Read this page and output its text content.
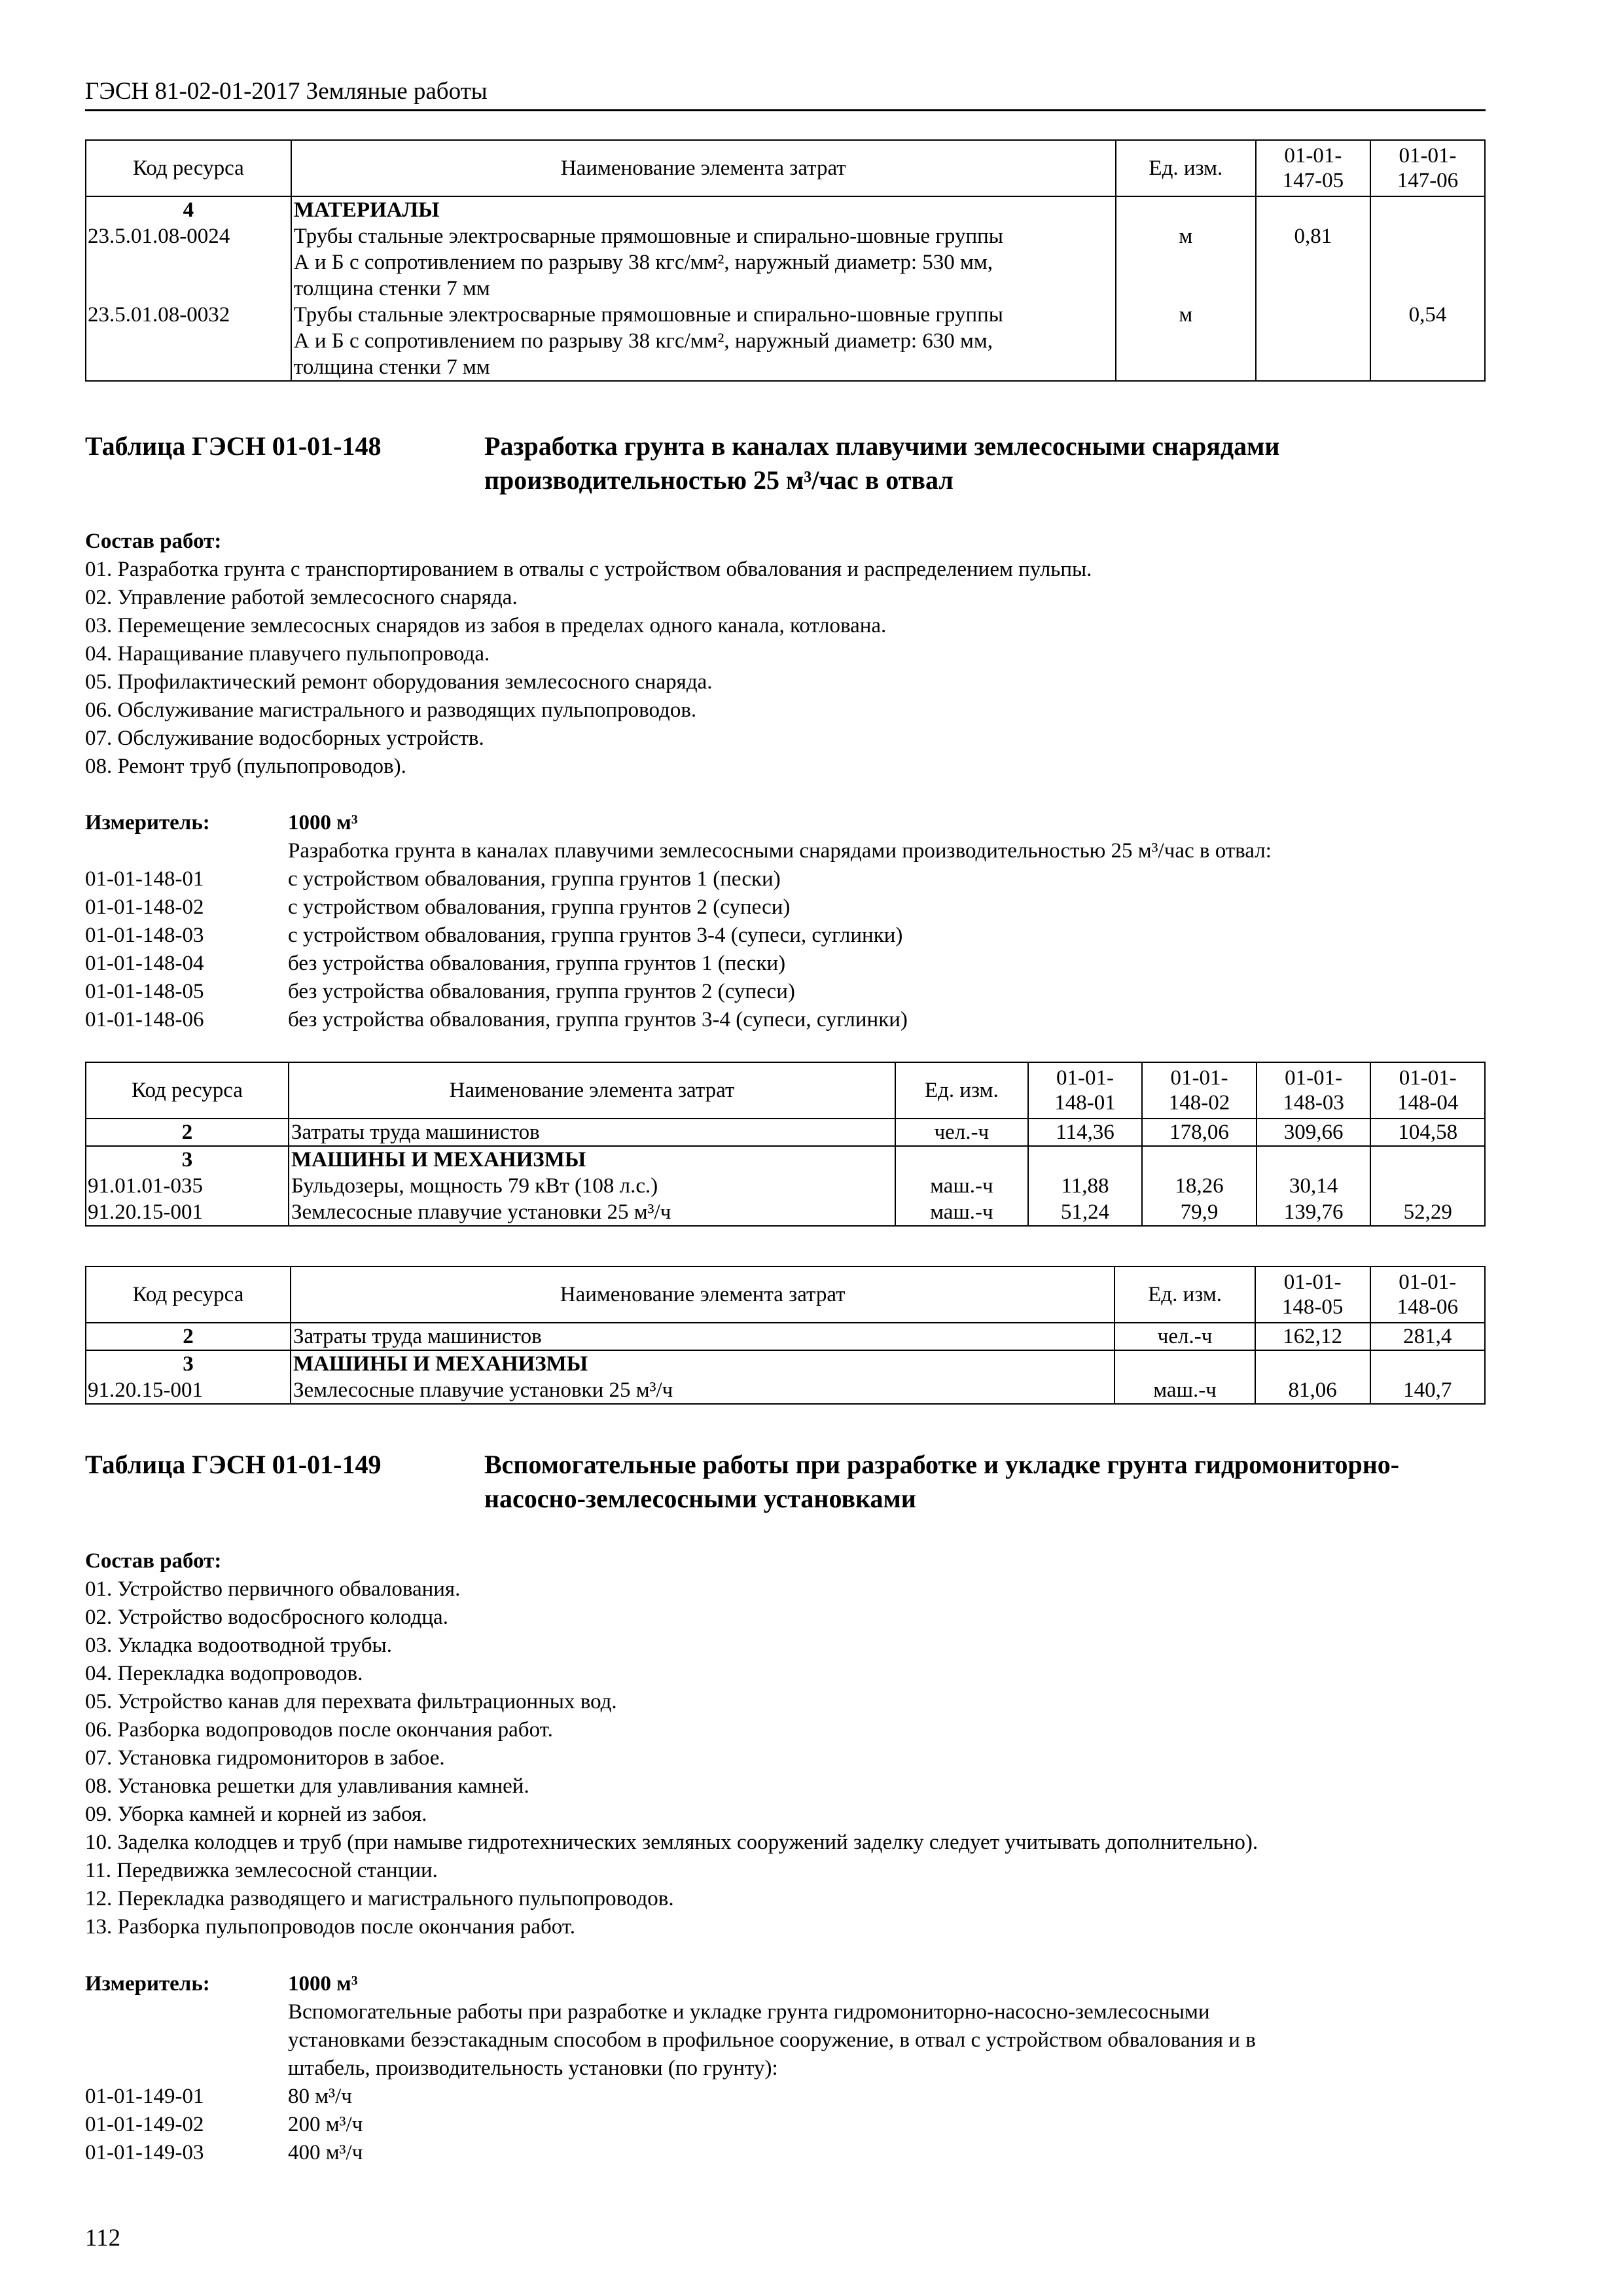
ГЭСН 81-02-01-2017 Земляные работы
Код ресурса	Наименование элемента затрат	Ед. изм.	01-01-
147-05	01-01-
147-06
4	МАТЕРИАЛЫ			
23.5.01.08-0024	Трубы стальные электросварные прямошовные и спирально-шовные группы	м	0,81	
	А и Б с сопротивлением по разрыву 38 кгс/мм², наружный диаметр: 530 мм,			
	толщина стенки 7 мм			
23.5.01.08-0032	Трубы стальные электросварные прямошовные и спирально-шовные группы	м		0,54
	А и Б с сопротивлением по разрыву 38 кгс/мм², наружный диаметр: 630 мм,			
	толщина стенки 7 мм			
Таблица ГЭСН 01-01-148	Разработка грунта в каналах плавучими землесосными снарядами производительностью 25 м³/час в отвал
Состав работ:
01. Разработка грунта с транспортированием в отвалы с устройством обвалования и распределением пульпы.
02. Управление работой землесосного снаряда.
03. Перемещение землесосных снарядов из забоя в пределах одного канала, котлована.
04. Наращивание плавучего пульпопровода.
05. Профилактический ремонт оборудования землесосного снаряда.
06. Обслуживание магистрального и разводящих пульпопроводов.
07. Обслуживание водосборных устройств.
08. Ремонт труб (пульпопроводов).
Измеритель:	1000 м³
Разработка грунта в каналах плавучими землесосными снарядами производительностью 25 м³/час в отвал:
01-01-148-01	с устройством обвалования, группа грунтов 1 (пески)
01-01-148-02	с устройством обвалования, группа грунтов 2 (супеси)
01-01-148-03	с устройством обвалования, группа грунтов 3-4 (супеси, суглинки)
01-01-148-04	без устройства обвалования, группа грунтов 1 (пески)
01-01-148-05	без устройства обвалования, группа грунтов 2 (супеси)
01-01-148-06	без устройства обвалования, группа грунтов 3-4 (супеси, суглинки)
Код ресурса	Наименование элемента затрат	Ед. изм.	01-01-
148-01	01-01-
148-02	01-01-
148-03	01-01-
148-04
2	Затраты труда машинистов	чел.-ч	114,36	178,06	309,66	104,58
3	МАШИНЫ И МЕХАНИЗМЫ					
91.01.01-035	Бульдозеры, мощность 79 кВт (108 л.с.)	маш.-ч	11,88	18,26	30,14	
91.20.15-001	Землесосные плавучие установки 25 м³/ч	маш.-ч	51,24	79,9	139,76	52,29
Код ресурса	Наименование элемента затрат	Ед. изм.	01-01-
148-05	01-01-
148-06
2	Затраты труда машинистов	чел.-ч	162,12	281,4
3	МАШИНЫ И МЕХАНИЗМЫ			
91.20.15-001	Землесосные плавучие установки 25 м³/ч	маш.-ч	81,06	140,7
Таблица ГЭСН 01-01-149	Вспомогательные работы при разработке и укладке грунта гидромониторно-насосно-землесосными установками
Состав работ:
01. Устройство первичного обвалования.
02. Устройство водосбросного колодца.
03. Укладка водоотводной трубы.
04. Перекладка водопроводов.
05. Устройство канав для перехвата фильтрационных вод.
06. Разборка водопроводов после окончания работ.
07. Установка гидромониторов в забое.
08. Установка решетки для улавливания камней.
09. Уборка камней и корней из забоя.
10. Заделка колодцев и труб (при намыве гидротехнических земляных сооружений заделку следует учитывать дополнительно).
11. Передвижка землесосной станции.
12. Перекладка разводящего и магистрального пульпопроводов.
13. Разборка пульпопроводов после окончания работ.
Измеритель:	1000 м³
Вспомогательные работы при разработке и укладке грунта гидромониторно-насосно-землесосными
установками безэстакадным способом в профильное сооружение, в отвал с устройством обвалования и в
штабель, производительность установки (по грунту):
01-01-149-01	80 м³/ч
01-01-149-02	200 м³/ч
01-01-149-03	400 м³/ч
112
